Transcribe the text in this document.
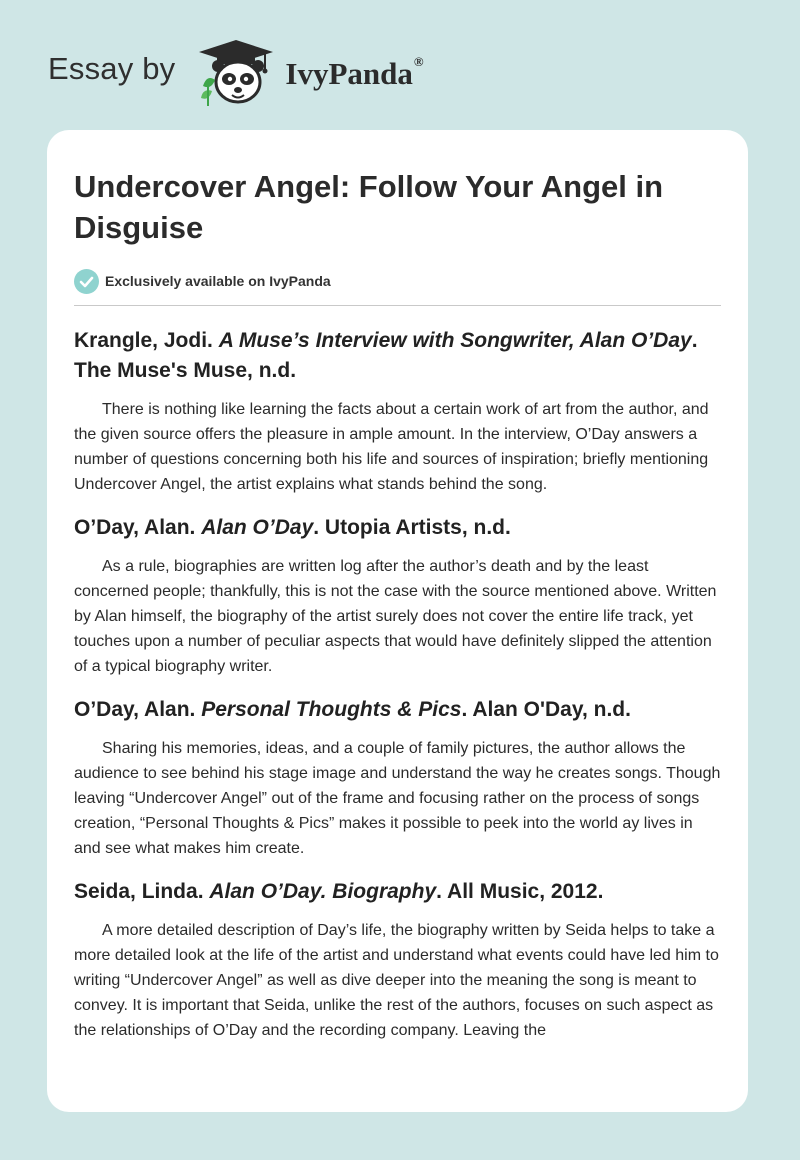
Essay by	IvyPanda®
Undercover Angel: Follow Your Angel in Disguise
Exclusively available on IvyPanda

Krangle, Jodi. A Muse’s Interview with Songwriter, Alan O’Day. The Muse's Muse, n.d.

There is nothing like learning the facts about a certain work of art from the author, and the given source offers the pleasure in ample amount. In the interview, O’Day answers a number of questions concerning both his life and sources of inspiration; briefly mentioning Undercover Angel, the artist explains what stands behind the song.

O’Day, Alan. Alan O’Day. Utopia Artists, n.d.

As a rule, biographies are written log after the author’s death and by the least concerned people; thankfully, this is not the case with the source mentioned above. Written by Alan himself, the biography of the artist surely does not cover the entire life track, yet touches upon a number of peculiar aspects that would have definitely slipped the attention of a typical biography writer.

O’Day, Alan. Personal Thoughts & Pics. Alan O'Day, n.d.

Sharing his memories, ideas, and a couple of family pictures, the author allows the audience to see behind his stage image and understand the way he creates songs. Though leaving “Undercover Angel” out of the frame and focusing rather on the process of songs creation, “Personal Thoughts & Pics” makes it possible to peek into the world ay lives in and see what makes him create.

Seida, Linda. Alan O’Day. Biography. All Music, 2012.

A more detailed description of Day’s life, the biography written by Seida helps to take a more detailed look at the life of the artist and understand what events could have led him to writing “Undercover Angel” as well as dive deeper into the meaning the song is meant to convey. It is important that Seida, unlike the rest of the authors, focuses on such aspect as the relationships of O’Day and the recording company. Leaving the
